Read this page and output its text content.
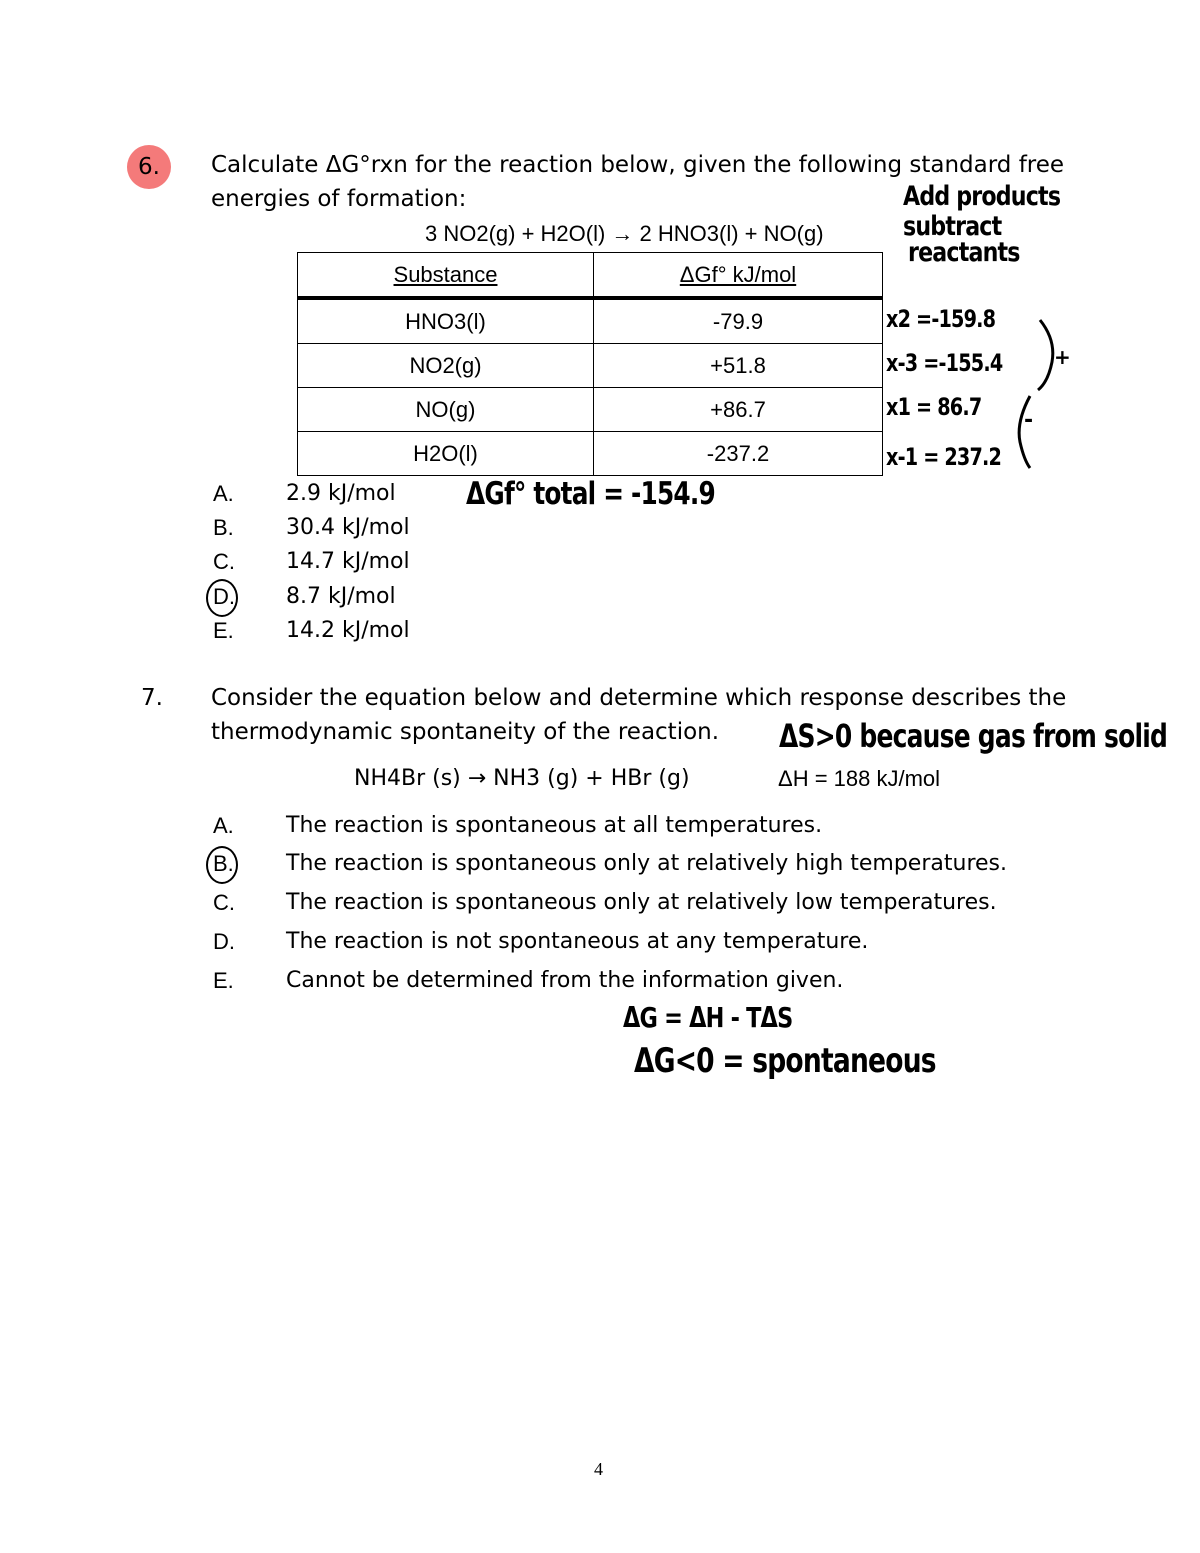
6.	Calculate ΔG°rxn for the reaction below, given the following standard free
energies of formation:
3 NO2(g) + H2O(l) → 2 HNO3(l) + NO(g)
Substance	ΔGf° kJ/mol
HNO3(l)	-79.9
NO2(g)	+51.8
NO(g)	+86.7
H2O(l)	-237.2
A. 2.9 kJ/mol
B. 30.4 kJ/mol
C. 14.7 kJ/mol
D. 8.7 kJ/mol
E. 14.2 kJ/mol
Add products
subtract
reactants
x2 =-159.8
x-3 =-155.4
x1 = 86.7
x-1 = 237.2
+
-
ΔGf° total = -154.9
7. Consider the equation below and determine which response describes the
thermodynamic spontaneity of the reaction. ΔS>0 because gas from solid
NH4Br (s) → NH3 (g) + HBr (g)	ΔH = 188 kJ/mol
A. The reaction is spontaneous at all temperatures.
B. The reaction is spontaneous only at relatively high temperatures.
C. The reaction is spontaneous only at relatively low temperatures.
D. The reaction is not spontaneous at any temperature.
E. Cannot be determined from the information given.
ΔG = ΔH - TΔS
ΔG<0 = spontaneous
4
